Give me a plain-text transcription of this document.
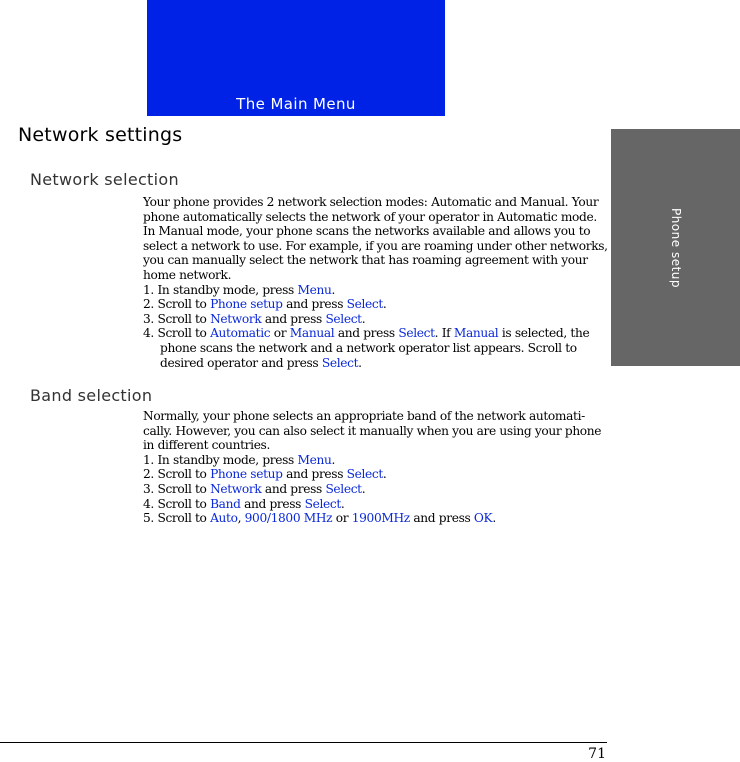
The Main Menu
Phone setup
Network settings
Network selection

Your phone provides 2 network selection modes: Automatic and Manual. Your phone automatically selects the network of your operator in Automatic mode. In Manual mode, your phone scans the networks available and allows you to select a network to use. For example, if you are roaming under other networks, you can manually select the network that has roaming agreement with your home network.

1. In standby mode, press Menu.

2. Scroll to Phone setup and press Select.

3. Scroll to Network and press Select.

4. Scroll to Automatic or Manual and press Select. If Manual is selected, the phone scans the network and a network operator list appears. Scroll to desired operator and press Select.

Band selection

Normally, your phone selects an appropriate band of the network automati-cally. However, you can also select it manually when you are using your phone in different countries.

1. In standby mode, press Menu.

2. Scroll to Phone setup and press Select.

3. Scroll to Network and press Select.

4. Scroll to Band and press Select.

5. Scroll to Auto, 900/1800 MHz or 1900MHz and press OK.

71
